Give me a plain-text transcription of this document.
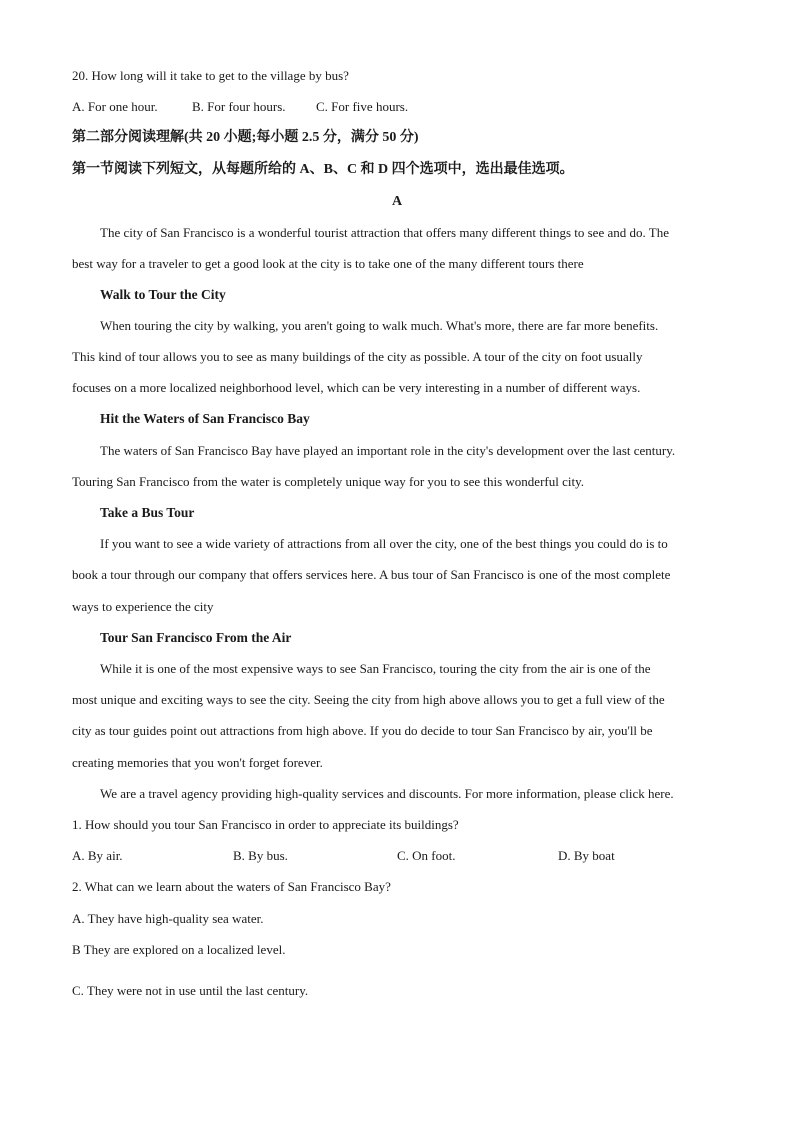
20. How long will it take to get to the village by bus?
A. For one hour.	B. For four hours. C. For five hours.
第二部分阅读理解(共 20 小题;每小题 2.5 分，满分 50 分)
第一节阅读下列短文，从每题所给的 A、B、C 和 D 四个选项中，选出最佳选项。
A
The city of San Francisco is a wonderful tourist attraction that offers many different things to see and do. The
best way for a traveler to get a good look at the city is to take one of the many different tours there
Walk to Tour the City
When touring the city by walking, you aren't going to walk much. What's more, there are far more benefits.
This kind of tour allows you to see as many buildings of the city as possible. A tour of the city on foot usually
focuses on a more localized neighborhood level, which can be very interesting in a number of different ways.
Hit the Waters of San Francisco Bay
The waters of San Francisco Bay have played an important role in the city's development over the last century.
Touring San Francisco from the water is completely unique way for you to see this wonderful city.
Take a Bus Tour
If you want to see a wide variety of attractions from all over the city, one of the best things you could do is to
book a tour through our company that offers services here. A bus tour of San Francisco is one of the most complete
ways to experience the city
Tour San Francisco From the Air
While it is one of the most expensive ways to see San Francisco, touring the city from the air is one of the
most unique and exciting ways to see the city. Seeing the city from high above allows you to get a full view of the
city as tour guides point out attractions from high above. If you do decide to tour San Francisco by air, you'll be
creating memories that you won't forget forever.
We are a travel agency providing high-quality services and discounts. For more information, please click here.
1. How should you tour San Francisco in order to appreciate its buildings?
A. By air.	B. By bus.	C. On foot.	D. By boat
2. What can we learn about the waters of San Francisco Bay?
A. They have high-quality sea water.
B They are explored on a localized level.
C. They were not in use until the last century.
